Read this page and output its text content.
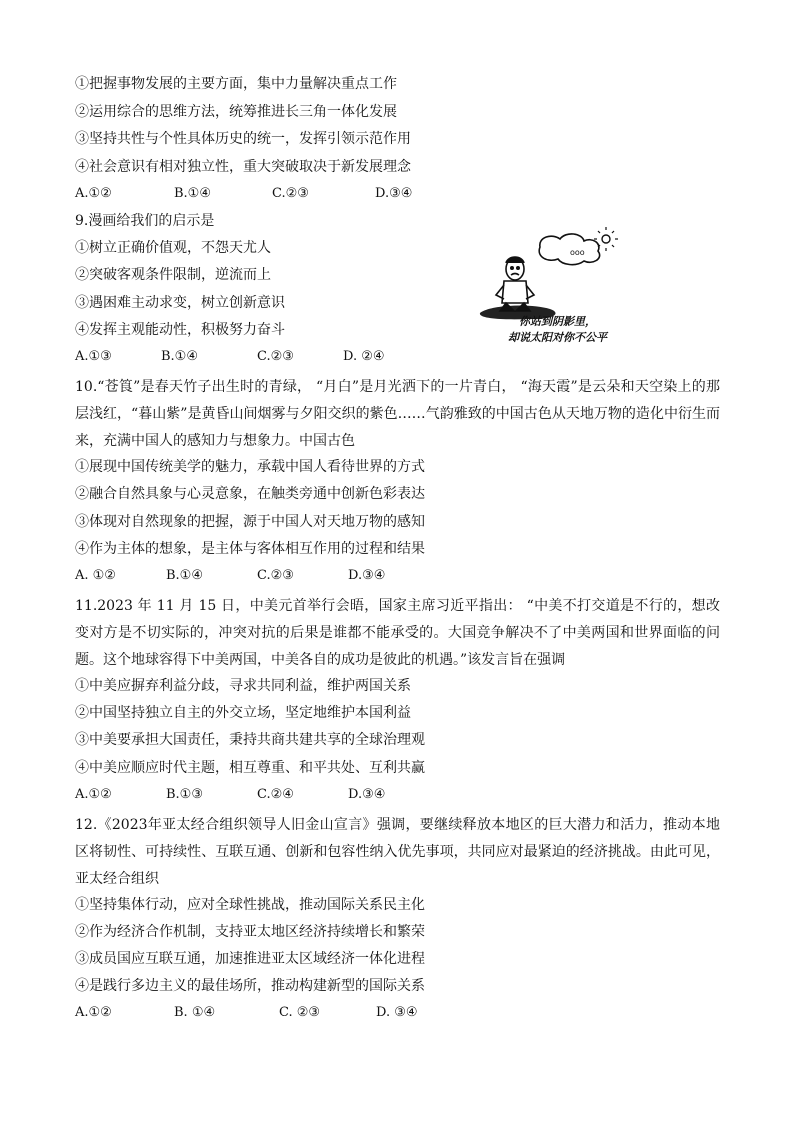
①把握事物发展的主要方面，集中力量解决重点工作
②运用综合的思维方法，统筹推进长三角一体化发展
③坚持共性与个性具体历史的统一，发挥引领示范作用
④社会意识有相对独立性，重大突破取决于新发展理念
A.①②	B.①④	C.②③	D.③④
9.漫画给我们的启示是
①树立正确价值观，不怨天尤人
②突破客观条件限制，逆流而上
③遇困难主动求变，树立创新意识
④发挥主观能动性，积极努力奋斗
A.①③	B.①④	C.②③	D. ②④
ooo
你站到阴影里，
却说太阳对你不公平
10.“苍筤”是春天竹子出生时的青绿， “月白”是月光洒下的一片青白， “海天霞”是云朵和天空染上的那层浅红，“暮山紫”是黄昏山间烟雾与夕阳交织的紫色……气韵雅致的中国古色从天地万物的造化中衍生而来，充满中国人的感知力与想象力。中国古色
①展现中国传统美学的魅力，承载中国人看待世界的方式
②融合自然具象与心灵意象，在触类旁通中创新色彩表达
③体现对自然现象的把握，源于中国人对天地万物的感知
④作为主体的想象，是主体与客体相互作用的过程和结果
A. ①②	B.①④	C.②③	D.③④
11.2023 年 11 月 15 日，中美元首举行会晤，国家主席习近平指出： “中美不打交道是不行的，想改变对方是不切实际的，冲突对抗的后果是谁都不能承受的。大国竞争解决不了中美两国和世界面临的问题。这个地球容得下中美两国，中美各自的成功是彼此的机遇。”该发言旨在强调
①中美应摒弃利益分歧，寻求共同利益，维护两国关系
②中国坚持独立自主的外交立场，坚定地维护本国利益
③中美要承担大国责任，秉持共商共建共享的全球治理观
④中美应顺应时代主题，相互尊重、和平共处、互利共赢
A.①②	B.①③	C.②④	D.③④
12.《2023年亚太经合组织领导人旧金山宣言》强调，要继续释放本地区的巨大潜力和活力，推动本地区将韧性、可持续性、互联互通、创新和包容性纳入优先事项，共同应对最紧迫的经济挑战。由此可见，亚太经合组织
①坚持集体行动，应对全球性挑战，推动国际关系民主化
②作为经济合作机制，支持亚太地区经济持续增长和繁荣
③成员国应互联互通，加速推进亚太区域经济一体化进程
④是践行多边主义的最佳场所，推动构建新型的国际关系
A.①②	B. ①④	C. ②③	D. ③④
